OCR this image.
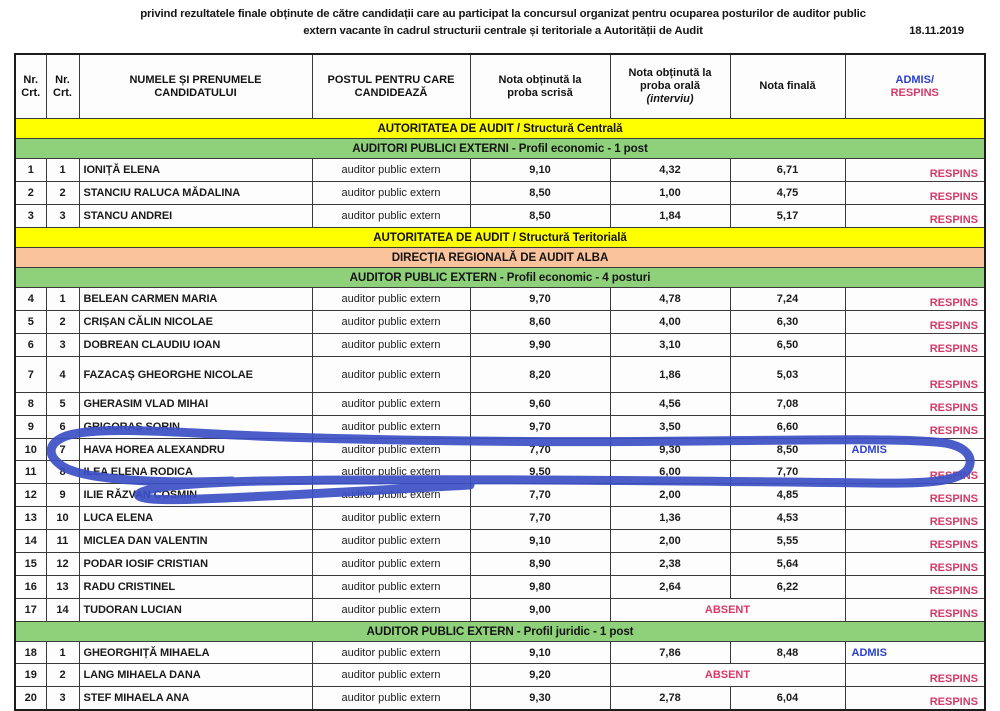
privind rezultatele finale obținute de către candidații care au participat la concursul organizat pentru ocuparea posturilor de auditor public
extern vacante în cadrul structurii centrale și teritoriale a Autorității de Audit	18.11.2019
Nr.
Crt.	Nr.
Crt.	NUMELE ȘI PRENUMELE
CANDIDATULUI	POSTUL PENTRU CARE
CANDIDEAZĂ	Nota obținută la
proba scrisă	Nota obținută la
proba orală
(interviu)	Nota finală	ADMIS/
RESPINS

AUTORITATEA DE AUDIT / Structură Centrală							
AUDITORI PUBLICI EXTERNI - Profil economic - 1 post							
1	1	IONIȚĂ ELENA	auditor public extern	9,10	4,32	6,71	RESPINS
2	2	STANCIU RALUCA MĂDALINA	auditor public extern	8,50	1,00	4,75	RESPINS
3	3	STANCU ANDREI	auditor public extern	8,50	1,84	5,17	RESPINS
AUTORITATEA DE AUDIT / Structură Teritorială							
DIRECȚIA REGIONALĂ DE AUDIT ALBA							
AUDITOR PUBLIC EXTERN - Profil economic - 4 posturi							
4	1	BELEAN CARMEN MARIA	auditor public extern	9,70	4,78	7,24	RESPINS
5	2	CRIȘAN CĂLIN NICOLAE	auditor public extern	8,60	4,00	6,30	RESPINS
6	3	DOBREAN CLAUDIU IOAN	auditor public extern	9,90	3,10	6,50	RESPINS
7	4	FAZACAȘ GHEORGHE NICOLAE	auditor public extern	8,20	1,86	5,03	RESPINS
8	5	GHERASIM VLAD MIHAI	auditor public extern	9,60	4,56	7,08	RESPINS
9	6	GRIGORAȘ SORIN	auditor public extern	9,70	3,50	6,60	RESPINS
10	7	HAVA HOREA ALEXANDRU	auditor public extern	7,70	9,30	8,50	ADMIS
11	8	ILEA ELENA RODICA	auditor public extern	9,50	6,00	7,70	RESPINS
12	9	ILIE RĂZVAN COSMIN	auditor public extern	7,70	2,00	4,85	RESPINS
13	10	LUCA ELENA	auditor public extern	7,70	1,36	4,53	RESPINS
14	11	MICLEA DAN VALENTIN	auditor public extern	9,10	2,00	5,55	RESPINS
15	12	PODAR IOSIF CRISTIAN	auditor public extern	8,90	2,38	5,64	RESPINS
16	13	RADU CRISTINEL	auditor public extern	9,80	2,64	6,22	RESPINS
17	14	TUDORAN LUCIAN	auditor public extern	9,00	ABSENT		RESPINS
AUDITOR PUBLIC EXTERN - Profil juridic - 1 post							
18	1	GHEORGHIȚĂ MIHAELA	auditor public extern	9,10	7,86	8,48	ADMIS
19	2	LANG MIHAELA DANA	auditor public extern	9,20	ABSENT		RESPINS
20	3	STEF MIHAELA ANA	auditor public extern	9,30	2,78	6,04	RESPINS
